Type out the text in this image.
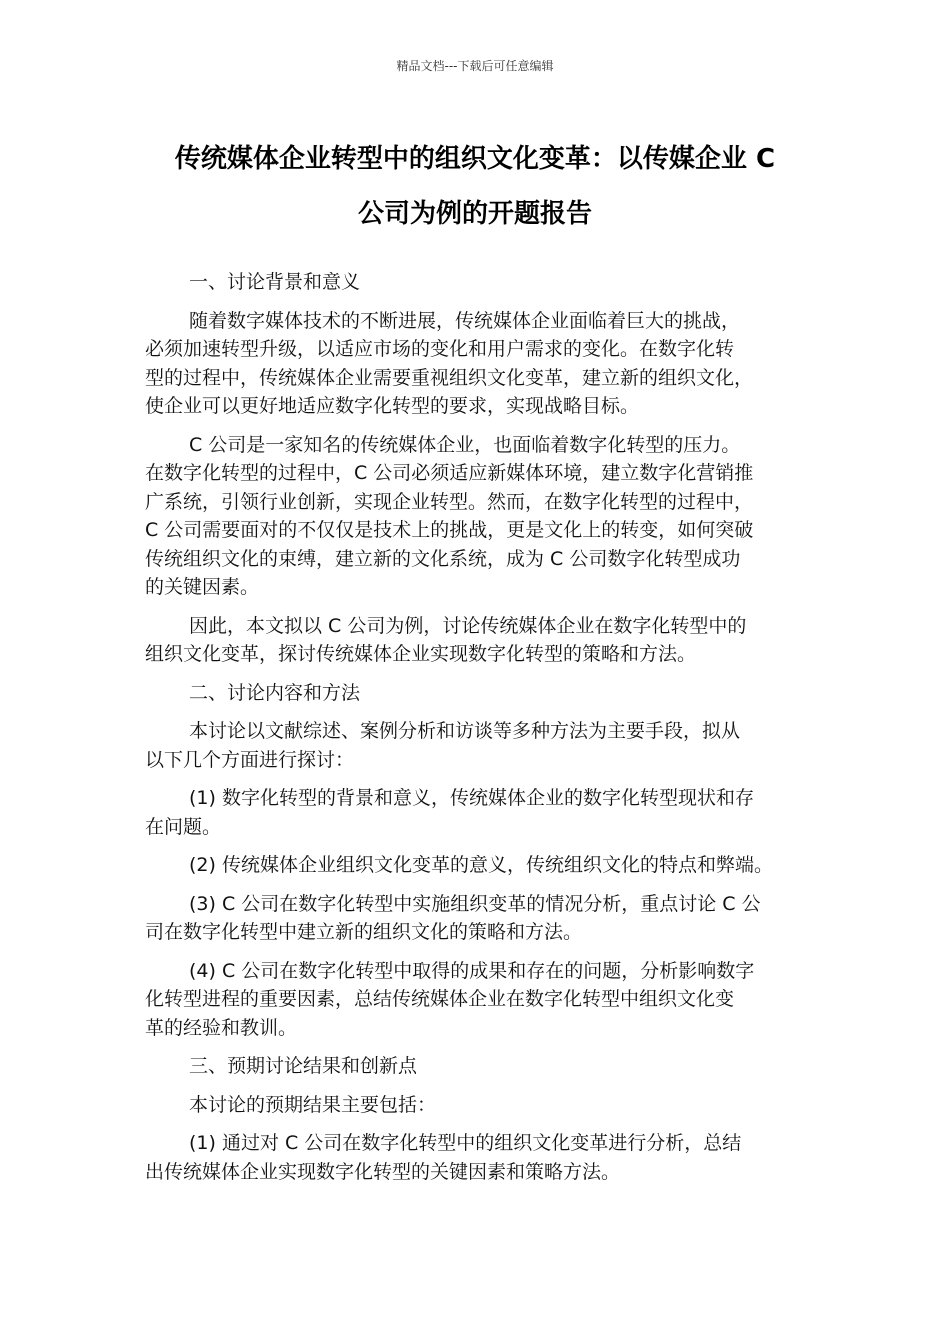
精品文档---下载后可任意编辑
传统媒体企业转型中的组织文化变革：以传媒企业 C
公司为例的开题报告

一、讨论背景和意义

随着数字媒体技术的不断进展，传统媒体企业面临着巨大的挑战，
必须加速转型升级，以适应市场的变化和用户需求的变化。在数字化转
型的过程中，传统媒体企业需要重视组织文化变革，建立新的组织文化，
使企业可以更好地适应数字化转型的要求，实现战略目标。

C 公司是一家知名的传统媒体企业，也面临着数字化转型的压力。
在数字化转型的过程中，C 公司必须适应新媒体环境，建立数字化营销推
广系统，引领行业创新，实现企业转型。然而，在数字化转型的过程中，
C 公司需要面对的不仅仅是技术上的挑战，更是文化上的转变，如何突破
传统组织文化的束缚，建立新的文化系统，成为 C 公司数字化转型成功
的关键因素。

因此，本文拟以 C 公司为例，讨论传统媒体企业在数字化转型中的
组织文化变革，探讨传统媒体企业实现数字化转型的策略和方法。

二、讨论内容和方法

本讨论以文献综述、案例分析和访谈等多种方法为主要手段，拟从
以下几个方面进行探讨：

(1) 数字化转型的背景和意义，传统媒体企业的数字化转型现状和存
在问题。

(2) 传统媒体企业组织文化变革的意义，传统组织文化的特点和弊端。

(3) C 公司在数字化转型中实施组织变革的情况分析，重点讨论 C 公
司在数字化转型中建立新的组织文化的策略和方法。

(4) C 公司在数字化转型中取得的成果和存在的问题，分析影响数字
化转型进程的重要因素，总结传统媒体企业在数字化转型中组织文化变
革的经验和教训。

三、预期讨论结果和创新点

本讨论的预期结果主要包括：

(1) 通过对 C 公司在数字化转型中的组织文化变革进行分析，总结
出传统媒体企业实现数字化转型的关键因素和策略方法。
